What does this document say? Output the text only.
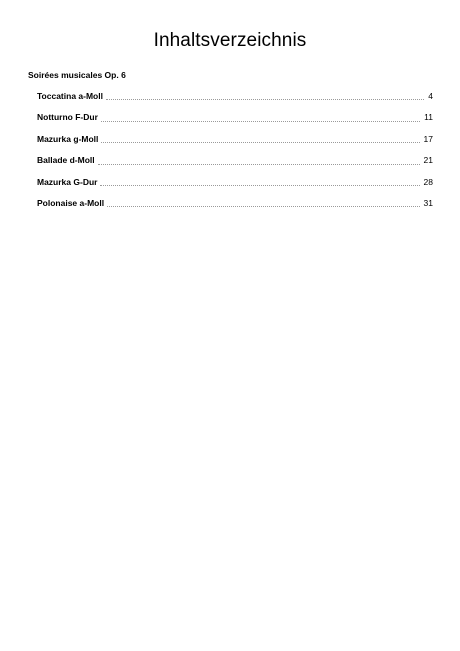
Inhaltsverzeichnis
Soirées musicales Op. 6
Toccatina a-Moll	4
Notturno F-Dur	11
Mazurka g-Moll	17
Ballade d-Moll	21
Mazurka G-Dur	28
Polonaise a-Moll	31
